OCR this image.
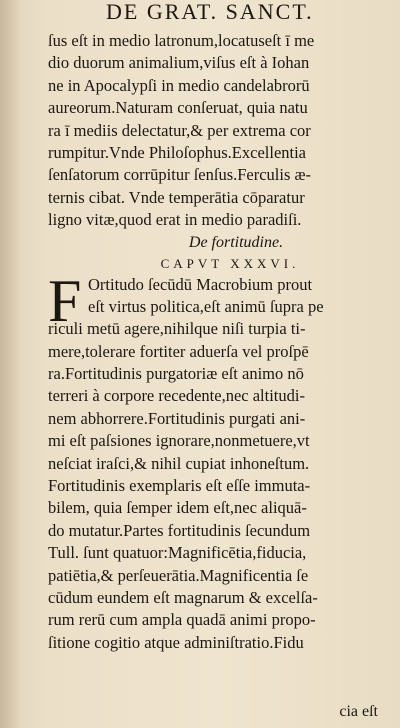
DE GRAT. SANCT.
ſus eſt in medio latronum,locatuseſt ī me
dio duorum animalium,viſus eſt à Iohan
ne in Apocalypſi in medio candelabrorū
aureorum.Naturam conſeruat, quia natu
ra ī mediis delectatur,& per extrema cor
rumpitur.Vnde Philoſophus.Excellentia
ſenſatorum corrūpitur ſenſus.Ferculis æ-
ternis cibat. Vnde temperātia cōparatur
ligno vitæ,quod erat in medio paradiſi.
De fortitudine.
CAPVT XXXVI.
F Ortitudo ſecūdū Macrobium prout
eſt virtus politica,eſt animū ſupra pe
riculi metū agere,nihilque niſi turpia ti-
mere,tolerare fortiter aduerſa vel proſpē
ra.Fortitudinis purgatoriæ eſt animo nō
terreri à corpore recedente,nec altitudi-
nem abhorrere.Fortitudinis purgati ani-
mi eſt paſsiones ignorare,nonmetuere,vt
neſciat iraſci,& nihil cupiat inhoneſtum.
Fortitudinis exemplaris eſt eſſe immuta-
bilem, quia ſemper idem eſt,nec aliquā-
do mutatur.Partes fortitudinis ſecundum
Tull. ſunt quatuor:Magnificētia,fiducia,
patiētia,& perſeuerātia.Magnificentia ſe
cūdum eundem eſt magnarum & excelſa-
rum rerū cum ampla quadā animi propo-
ſitione cogitio atque adminiſtratio.Fidu
cia eſt
